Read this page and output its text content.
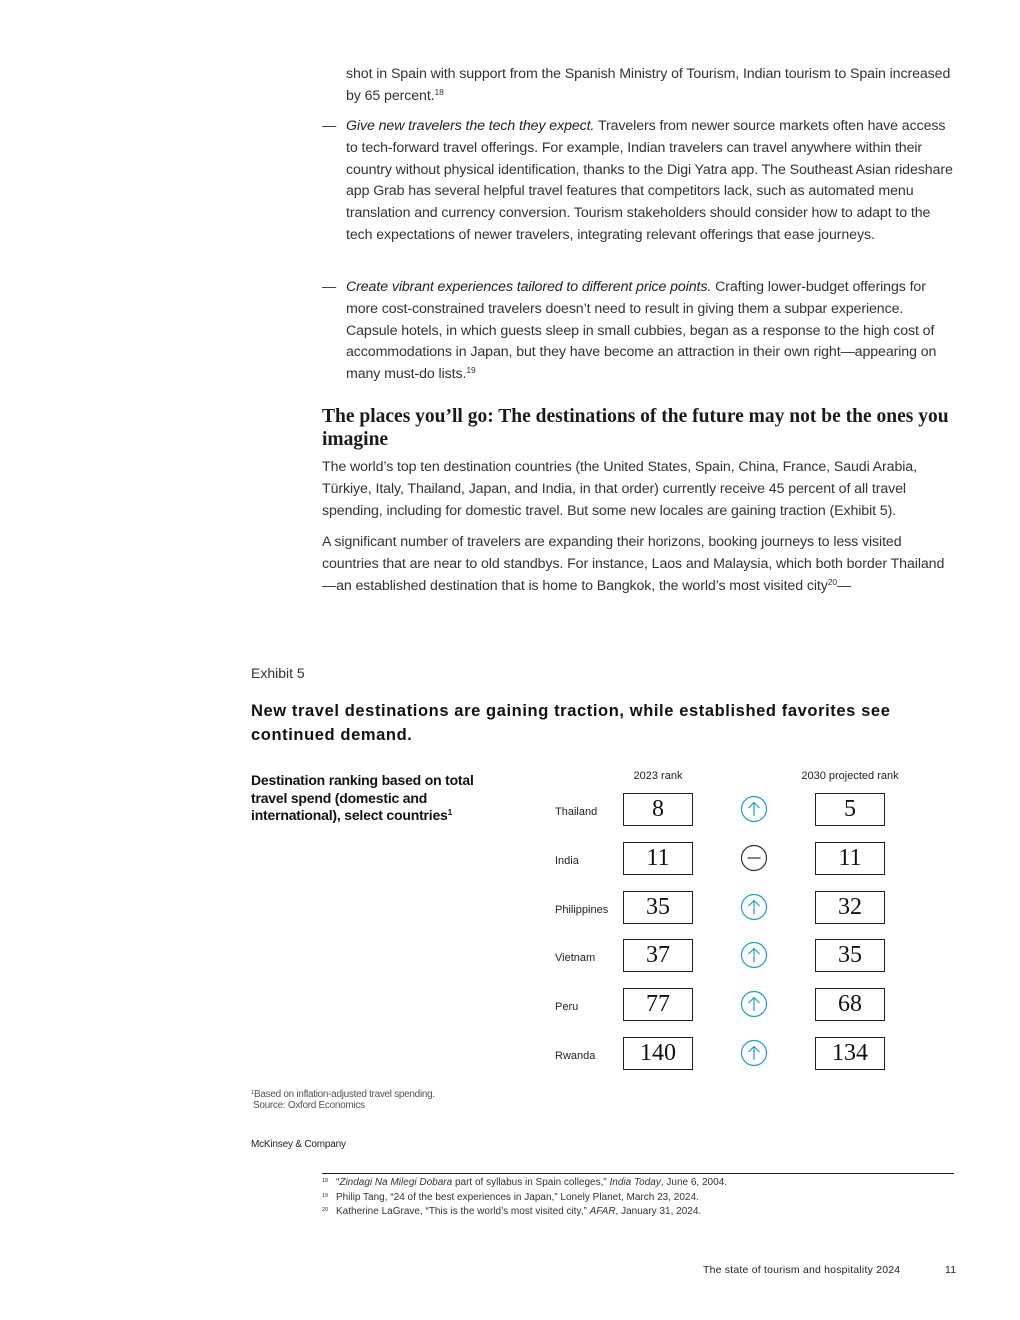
shot in Spain with support from the Spanish Ministry of Tourism, Indian tourism to Spain increased by 65 percent.$^{18}$
— Give new travelers the tech they expect. Travelers from newer source markets often have access to tech-forward travel offerings. For example, Indian travelers can travel anywhere within their country without physical identification, thanks to the Digi Yatra app. The Southeast Asian rideshare app Grab has several helpful travel features that competitors lack, such as automated menu translation and currency conversion. Tourism stakeholders should consider how to adapt to the tech expectations of newer travelers, integrating relevant offerings that ease journeys.
— Create vibrant experiences tailored to different price points. Crafting lower-budget offerings for more cost-constrained travelers doesn’t need to result in giving them a subpar experience. Capsule hotels, in which guests sleep in small cubbies, began as a response to the high cost of accommodations in Japan, but they have become an attraction in their own right—appearing on many must-do lists.$^{19}$
The places you’ll go: The destinations of the future may not be the ones you imagine
The world’s top ten destination countries (the United States, Spain, China, France, Saudi Arabia, Türkiye, Italy, Thailand, Japan, and India, in that order) currently receive 45 percent of all travel spending, including for domestic travel. But some new locales are gaining traction (Exhibit 5).
A significant number of travelers are expanding their horizons, booking journeys to less visited countries that are near to old standbys. For instance, Laos and Malaysia, which both border Thailand—an established destination that is home to Bangkok, the world’s most visited city$^{20}$—
Exhibit 5
New travel destinations are gaining traction, while established favorites see continued demand.
Destination ranking based on total travel spend (domestic and international), select countries$^1$
2023 rank	2030 projected rank
Thailand	8	5
India	11	11
Philippines	35	32
Vietnam	37	35
Peru	77	68
Rwanda	140	134
$^1$Based on inflation-adjusted travel spending.
Source: Oxford Economics
McKinsey & Company
18 “Zindagi Na Milegi Dobara part of syllabus in Spain colleges,” India Today, June 6, 2004.
19 Philip Tang, “24 of the best experiences in Japan,” Lonely Planet, March 23, 2024.
20 Katherine LaGrave, “This is the world’s most visited city,” AFAR, January 31, 2024.
The state of tourism and hospitality 2024	11
